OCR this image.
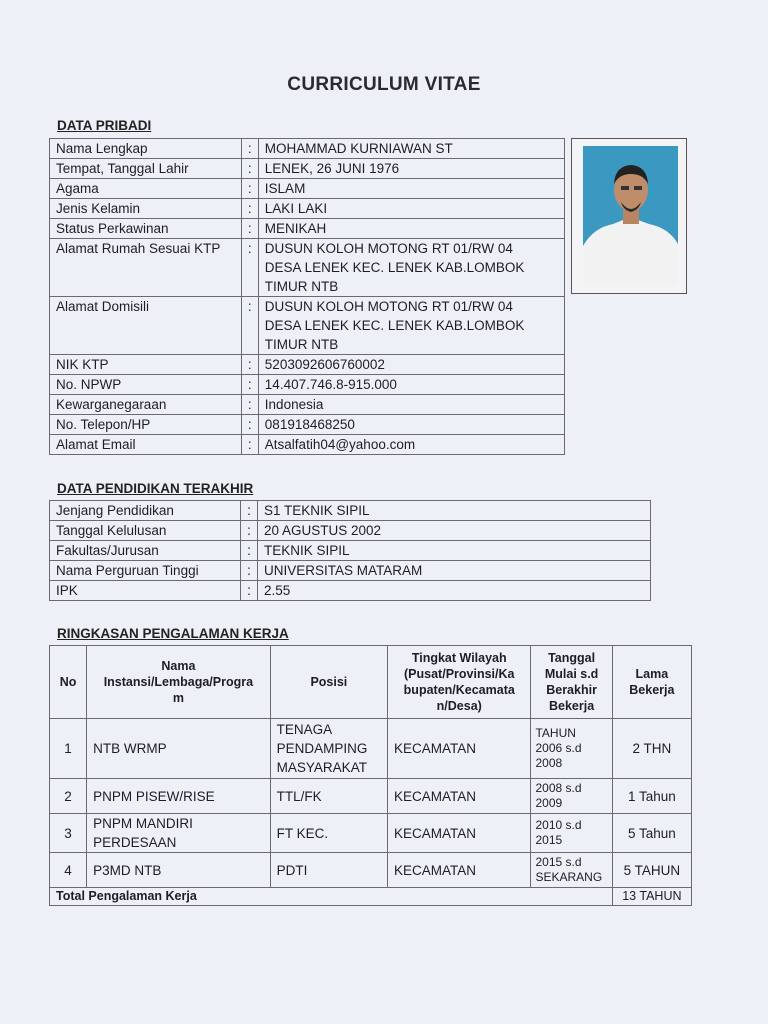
CURRICULUM VITAE
DATA PRIBADI
Nama Lengkap	:	MOHAMMAD KURNIAWAN ST
Tempat, Tanggal Lahir	:	LENEK, 26 JUNI 1976
Agama	:	ISLAM
Jenis Kelamin	:	LAKI LAKI
Status Perkawinan	:	MENIKAH
Alamat Rumah Sesuai KTP	:	DUSUN KOLOH MOTONG RT 01/RW 04
DESA LENEK KEC. LENEK KAB.LOMBOK
TIMUR NTB

Alamat Domisili	:	DUSUN KOLOH MOTONG RT 01/RW 04
DESA LENEK KEC. LENEK KAB.LOMBOK
TIMUR NTB

NIK KTP	:	5203092606760002
No. NPWP	:	14.407.746.8-915.000
Kewarganegaraan	:	Indonesia
No. Telepon/HP	:	081918468250
Alamat Email	:	Atsalfatih04@yahoo.com
DATA PENDIDIKAN TERAKHIR
Jenjang Pendidikan	:	S1 TEKNIK SIPIL
Tanggal Kelulusan	:	20 AGUSTUS 2002
Fakultas/Jurusan	:	TEKNIK SIPIL
Nama Perguruan Tinggi	:	UNIVERSITAS MATARAM
IPK	:	2.55
RINGKASAN PENGALAMAN KERJA
No	Nama
Instansi/Lembaga/Progra
m	Posisi	Tingkat Wilayah
(Pusat/Provinsi/Ka
bupaten/Kecamata
n/Desa)	Tanggal
Mulai s.d
Berakhir
Bekerja	Lama
Bekerja

1	NTB WRMP	TENAGA
PENDAMPING
MASYARAKAT	KECAMATAN	TAHUN
2006 s.d
2008	2 THN
2	PNPM PISEW/RISE	TTL/FK	KECAMATAN	2008 s.d
2009	1 Tahun
3	PNPM MANDIRI
PERDESAAN	FT KEC.	KECAMATAN	2010 s.d
2015	5 Tahun
4	P3MD NTB	PDTI	KECAMATAN	2015 s.d
SEKARANG	5 TAHUN
Total Pengalaman Kerja					13 TAHUN
